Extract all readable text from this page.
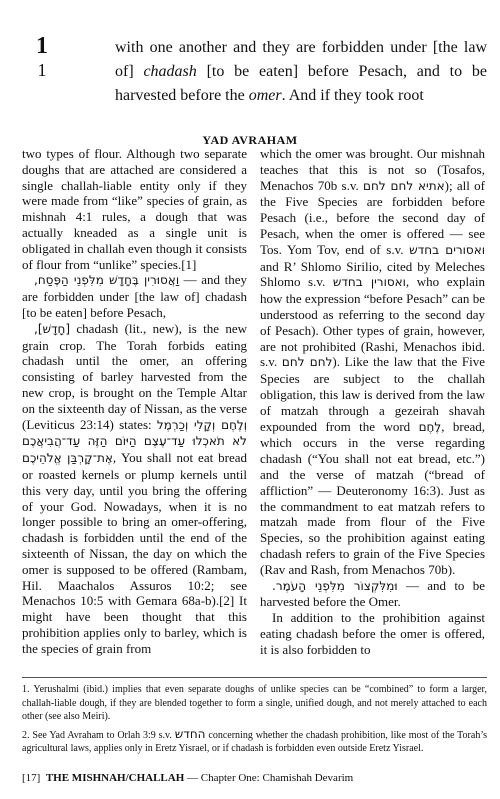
1
1
with one another and they are forbidden under [the law of] chadash [to be eaten] before Pesach, and to be harvested before the omer. And if they took root
YAD AVRAHAM

two types of flour. Although two separate doughs that are attached are considered a single challah-liable entity only if they were made from “like” species of grain, as mishnah 4:1 rules, a dough that was actually kneaded as a single unit is obligated in challah even though it consists of flour from “unlike” species.[1]

וַאֲסוּרִין בֶּחָדָשׁ מִלִּפְנֵי הַפֶּסַח, — and they are forbidden under [the law of] chadash [to be eaten] before Pesach,

[חָדָשׁ], chadash (lit., new), is the new grain crop. The Torah forbids eating chadash until the omer, an offering consisting of barley harvested from the new crop, is brought on the Temple Altar on the sixteenth day of Nissan, as the verse (Leviticus 23:14) states: וְלֶחֶם וְקָלִי וְכַרְמֶל לֹא תֹאכְלוּ עַד־עֶצֶם הַיּוֹם הַזֶּה עַד־הֲבִיאֲכֶם אֶת־קָרְבַּן אֱלֹהֵיכֶם, You shall not eat bread or roasted kernels or plump kernels until this very day, until you bring the offering of your God. Nowadays, when it is no longer possible to bring an omer-offering, chadash is forbidden until the end of the sixteenth of Nissan, the day on which the omer is supposed to be offered (Rambam, Hil. Maachalos Assuros 10:2; see Menachos 10:5 with Gemara 68a-b).[2] It might have been thought that this prohibition applies only to barley, which is the species of grain from

which the omer was brought. Our mishnah teaches that this is not so (Tosafos, Menachos 70b s.v. אתיא לחם לחם); all of the Five Species are forbidden before Pesach (i.e., before the second day of Pesach, when the omer is offered — see Tos. Yom Tov, end of s.v. ואסורים בחדש and R’ Shlomo Sirilio, cited by Meleches Shlomo s.v. ואסורין בחדש, who explain how the expression “before Pesach” can be understood as referring to the second day of Pesach). Other types of grain, however, are not prohibited (Rashi, Menachos ibid. s.v. לחם לחם). Like the law that the Five Species are subject to the challah obligation, this law is derived from the law of matzah through a gezeirah shavah expounded from the word לֶחֶם, bread, which occurs in the verse regarding chadash (“You shall not eat bread, etc.”) and the verse of matzah (“bread of affliction” — Deuteronomy 16:3). Just as the commandment to eat matzah refers to matzah made from flour of the Five Species, so the prohibition against eating chadash refers to grain of the Five Species (Rav and Rash, from Menachos 70b).

וּמִלִּקְצוֹר מִלִּפְנֵי הָעֹמֶר. — and to be harvested before the Omer.

In addition to the prohibition against eating chadash before the omer is offered, it is also forbidden to

1. Yerushalmi (ibid.) implies that even separate doughs of unlike species can be “combined” to form a larger, challah-liable dough, if they are blended together to form a single, unified dough, and not merely attached to each other (see also Meiri).

2. See Yad Avraham to Orlah 3:9 s.v. החדש concerning whether the chadash prohibition, like most of the Torah’s agricultural laws, applies only in Eretz Yisrael, or if chadash is forbidden even outside Eretz Yisrael.

[17] THE MISHNAH/CHALLAH — Chapter One: Chamishah Devarim
